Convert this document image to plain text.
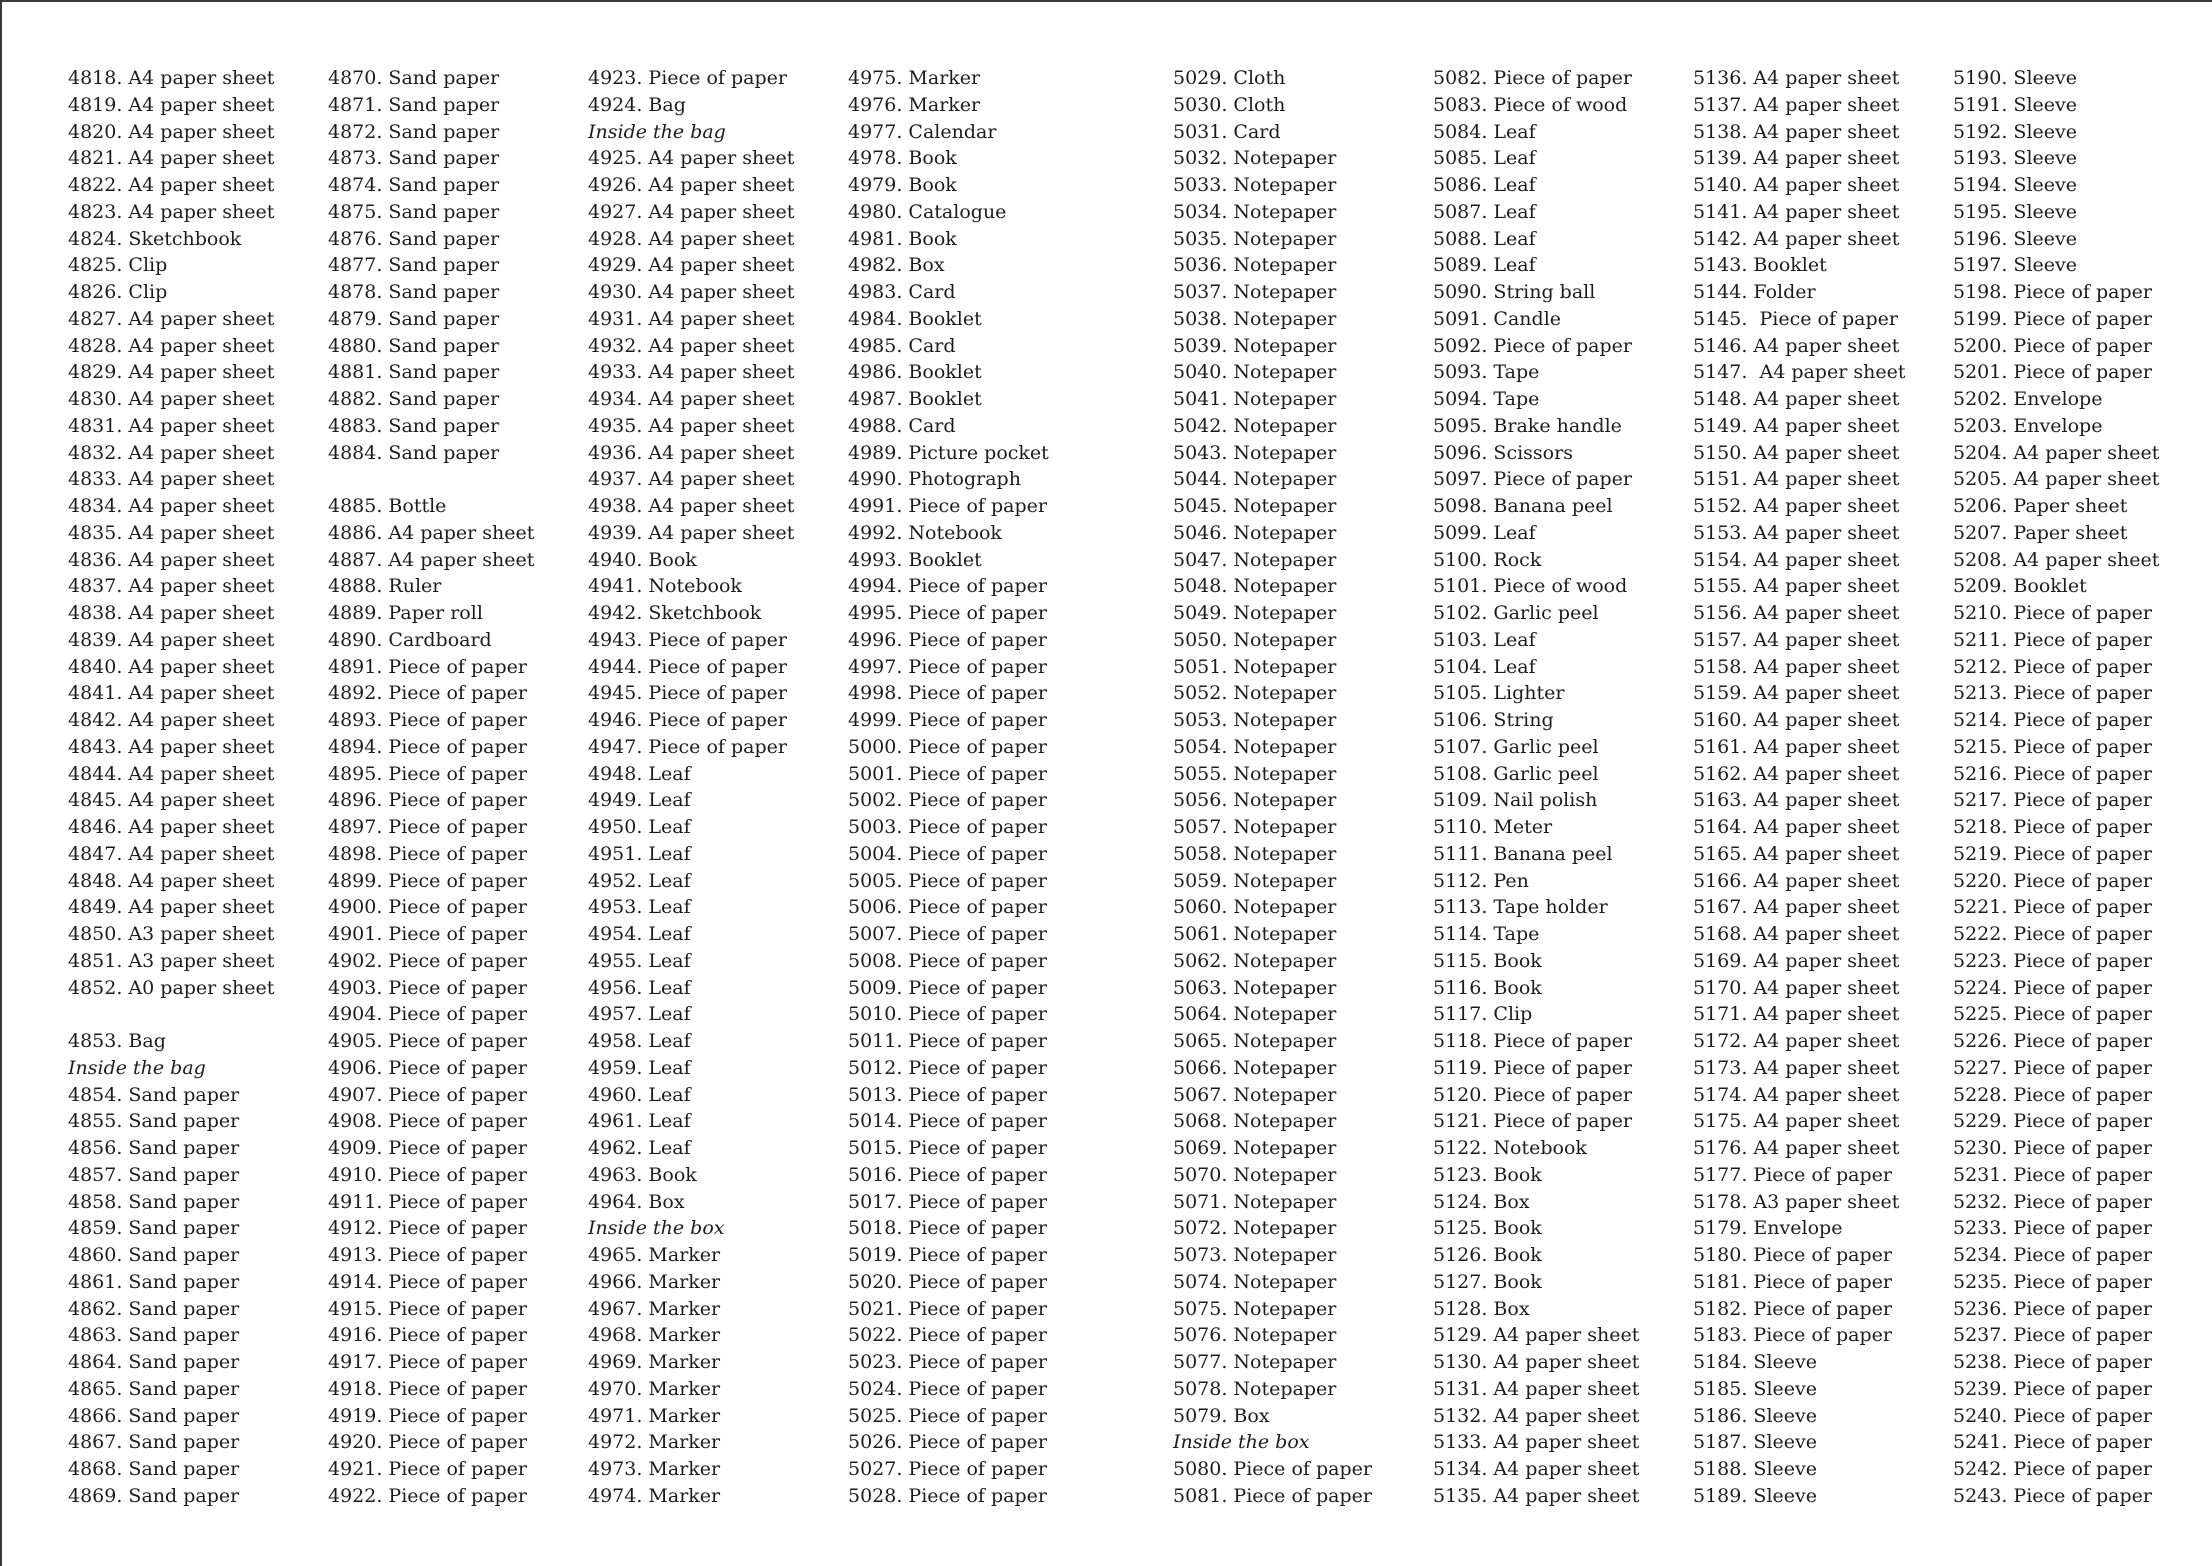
4818. A4 paper sheet
4819. A4 paper sheet
4820. A4 paper sheet
4821. A4 paper sheet
4822. A4 paper sheet
4823. A4 paper sheet
4824. Sketchbook
4825. Clip
4826. Clip
4827. A4 paper sheet
4828. A4 paper sheet
4829. A4 paper sheet
4830. A4 paper sheet
4831. A4 paper sheet
4832. A4 paper sheet
4833. A4 paper sheet
4834. A4 paper sheet
4835. A4 paper sheet
4836. A4 paper sheet
4837. A4 paper sheet
4838. A4 paper sheet
4839. A4 paper sheet
4840. A4 paper sheet
4841. A4 paper sheet
4842. A4 paper sheet
4843. A4 paper sheet
4844. A4 paper sheet
4845. A4 paper sheet
4846. A4 paper sheet
4847. A4 paper sheet
4848. A4 paper sheet
4849. A4 paper sheet
4850. A3 paper sheet
4851. A3 paper sheet
4852. A0 paper sheet
4853. Bag
Inside the bag
4854. Sand paper
4855. Sand paper
4856. Sand paper
4857. Sand paper
4858. Sand paper
4859. Sand paper
4860. Sand paper
4861. Sand paper
4862. Sand paper
4863. Sand paper
4864. Sand paper
4865. Sand paper
4866. Sand paper
4867. Sand paper
4868. Sand paper
4869. Sand paper
4870. Sand paper
4871. Sand paper
4872. Sand paper
4873. Sand paper
4874. Sand paper
4875. Sand paper
4876. Sand paper
4877. Sand paper
4878. Sand paper
4879. Sand paper
4880. Sand paper
4881. Sand paper
4882. Sand paper
4883. Sand paper
4884. Sand paper
4885. Bottle
4886. A4 paper sheet
4887. A4 paper sheet
4888. Ruler
4889. Paper roll
4890. Cardboard
4891. Piece of paper
4892. Piece of paper
4893. Piece of paper
4894. Piece of paper
4895. Piece of paper
4896. Piece of paper
4897. Piece of paper
4898. Piece of paper
4899. Piece of paper
4900. Piece of paper
4901. Piece of paper
4902. Piece of paper
4903. Piece of paper
4904. Piece of paper
4905. Piece of paper
4906. Piece of paper
4907. Piece of paper
4908. Piece of paper
4909. Piece of paper
4910. Piece of paper
4911. Piece of paper
4912. Piece of paper
4913. Piece of paper
4914. Piece of paper
4915. Piece of paper
4916. Piece of paper
4917. Piece of paper
4918. Piece of paper
4919. Piece of paper
4920. Piece of paper
4921. Piece of paper
4922. Piece of paper
4923. Piece of paper
4924. Bag
Inside the bag
4925. A4 paper sheet
4926. A4 paper sheet
4927. A4 paper sheet
4928. A4 paper sheet
4929. A4 paper sheet
4930. A4 paper sheet
4931. A4 paper sheet
4932. A4 paper sheet
4933. A4 paper sheet
4934. A4 paper sheet
4935. A4 paper sheet
4936. A4 paper sheet
4937. A4 paper sheet
4938. A4 paper sheet
4939. A4 paper sheet
4940. Book
4941. Notebook
4942. Sketchbook
4943. Piece of paper
4944. Piece of paper
4945. Piece of paper
4946. Piece of paper
4947. Piece of paper
4948. Leaf
4949. Leaf
4950. Leaf
4951. Leaf
4952. Leaf
4953. Leaf
4954. Leaf
4955. Leaf
4956. Leaf
4957. Leaf
4958. Leaf
4959. Leaf
4960. Leaf
4961. Leaf
4962. Leaf
4963. Book
4964. Box
Inside the box
4965. Marker
4966. Marker
4967. Marker
4968. Marker
4969. Marker
4970. Marker
4971. Marker
4972. Marker
4973. Marker
4974. Marker
4975. Marker
4976. Marker
4977. Calendar
4978. Book
4979. Book
4980. Catalogue
4981. Book
4982. Box
4983. Card
4984. Booklet
4985. Card
4986. Booklet
4987. Booklet
4988. Card
4989. Picture pocket
4990. Photograph
4991. Piece of paper
4992. Notebook
4993. Booklet
4994. Piece of paper
4995. Piece of paper
4996. Piece of paper
4997. Piece of paper
4998. Piece of paper
4999. Piece of paper
5000. Piece of paper
5001. Piece of paper
5002. Piece of paper
5003. Piece of paper
5004. Piece of paper
5005. Piece of paper
5006. Piece of paper
5007. Piece of paper
5008. Piece of paper
5009. Piece of paper
5010. Piece of paper
5011. Piece of paper
5012. Piece of paper
5013. Piece of paper
5014. Piece of paper
5015. Piece of paper
5016. Piece of paper
5017. Piece of paper
5018. Piece of paper
5019. Piece of paper
5020. Piece of paper
5021. Piece of paper
5022. Piece of paper
5023. Piece of paper
5024. Piece of paper
5025. Piece of paper
5026. Piece of paper
5027. Piece of paper
5028. Piece of paper
5029. Cloth
5030. Cloth
5031. Card
5032. Notepaper
5033. Notepaper
5034. Notepaper
5035. Notepaper
5036. Notepaper
5037. Notepaper
5038. Notepaper
5039. Notepaper
5040. Notepaper
5041. Notepaper
5042. Notepaper
5043. Notepaper
5044. Notepaper
5045. Notepaper
5046. Notepaper
5047. Notepaper
5048. Notepaper
5049. Notepaper
5050. Notepaper
5051. Notepaper
5052. Notepaper
5053. Notepaper
5054. Notepaper
5055. Notepaper
5056. Notepaper
5057. Notepaper
5058. Notepaper
5059. Notepaper
5060. Notepaper
5061. Notepaper
5062. Notepaper
5063. Notepaper
5064. Notepaper
5065. Notepaper
5066. Notepaper
5067. Notepaper
5068. Notepaper
5069. Notepaper
5070. Notepaper
5071. Notepaper
5072. Notepaper
5073. Notepaper
5074. Notepaper
5075. Notepaper
5076. Notepaper
5077. Notepaper
5078. Notepaper
5079. Box
Inside the box
5080. Piece of paper
5081. Piece of paper
5082. Piece of paper
5083. Piece of wood
5084. Leaf
5085. Leaf
5086. Leaf
5087. Leaf
5088. Leaf
5089. Leaf
5090. String ball
5091. Candle
5092. Piece of paper
5093. Tape
5094. Tape
5095. Brake handle
5096. Scissors
5097. Piece of paper
5098. Banana peel
5099. Leaf
5100. Rock
5101. Piece of wood
5102. Garlic peel
5103. Leaf
5104. Leaf
5105. Lighter
5106. String
5107. Garlic peel
5108. Garlic peel
5109. Nail polish
5110. Meter
5111. Banana peel
5112. Pen
5113. Tape holder
5114. Tape
5115. Book
5116. Book
5117. Clip
5118. Piece of paper
5119. Piece of paper
5120. Piece of paper
5121. Piece of paper
5122. Notebook
5123. Book
5124. Box
5125. Book
5126. Book
5127. Book
5128. Box
5129. A4 paper sheet
5130. A4 paper sheet
5131. A4 paper sheet
5132. A4 paper sheet
5133. A4 paper sheet
5134. A4 paper sheet
5135. A4 paper sheet
5136. A4 paper sheet
5137. A4 paper sheet
5138. A4 paper sheet
5139. A4 paper sheet
5140. A4 paper sheet
5141. A4 paper sheet
5142. A4 paper sheet
5143. Booklet
5144. Folder
5145.  Piece of paper
5146. A4 paper sheet
5147.  A4 paper sheet
5148. A4 paper sheet
5149. A4 paper sheet
5150. A4 paper sheet
5151. A4 paper sheet
5152. A4 paper sheet
5153. A4 paper sheet
5154. A4 paper sheet
5155. A4 paper sheet
5156. A4 paper sheet
5157. A4 paper sheet
5158. A4 paper sheet
5159. A4 paper sheet
5160. A4 paper sheet
5161. A4 paper sheet
5162. A4 paper sheet
5163. A4 paper sheet
5164. A4 paper sheet
5165. A4 paper sheet
5166. A4 paper sheet
5167. A4 paper sheet
5168. A4 paper sheet
5169. A4 paper sheet
5170. A4 paper sheet
5171. A4 paper sheet
5172. A4 paper sheet
5173. A4 paper sheet
5174. A4 paper sheet
5175. A4 paper sheet
5176. A4 paper sheet
5177. Piece of paper
5178. A3 paper sheet
5179. Envelope
5180. Piece of paper
5181. Piece of paper
5182. Piece of paper
5183. Piece of paper
5184. Sleeve
5185. Sleeve
5186. Sleeve
5187. Sleeve
5188. Sleeve
5189. Sleeve
5190. Sleeve
5191. Sleeve
5192. Sleeve
5193. Sleeve
5194. Sleeve
5195. Sleeve
5196. Sleeve
5197. Sleeve
5198. Piece of paper
5199. Piece of paper
5200. Piece of paper
5201. Piece of paper
5202. Envelope
5203. Envelope
5204. A4 paper sheet
5205. A4 paper sheet
5206. Paper sheet
5207. Paper sheet
5208. A4 paper sheet
5209. Booklet
5210. Piece of paper
5211. Piece of paper
5212. Piece of paper
5213. Piece of paper
5214. Piece of paper
5215. Piece of paper
5216. Piece of paper
5217. Piece of paper
5218. Piece of paper
5219. Piece of paper
5220. Piece of paper
5221. Piece of paper
5222. Piece of paper
5223. Piece of paper
5224. Piece of paper
5225. Piece of paper
5226. Piece of paper
5227. Piece of paper
5228. Piece of paper
5229. Piece of paper
5230. Piece of paper
5231. Piece of paper
5232. Piece of paper
5233. Piece of paper
5234. Piece of paper
5235. Piece of paper
5236. Piece of paper
5237. Piece of paper
5238. Piece of paper
5239. Piece of paper
5240. Piece of paper
5241. Piece of paper
5242. Piece of paper
5243. Piece of paper
